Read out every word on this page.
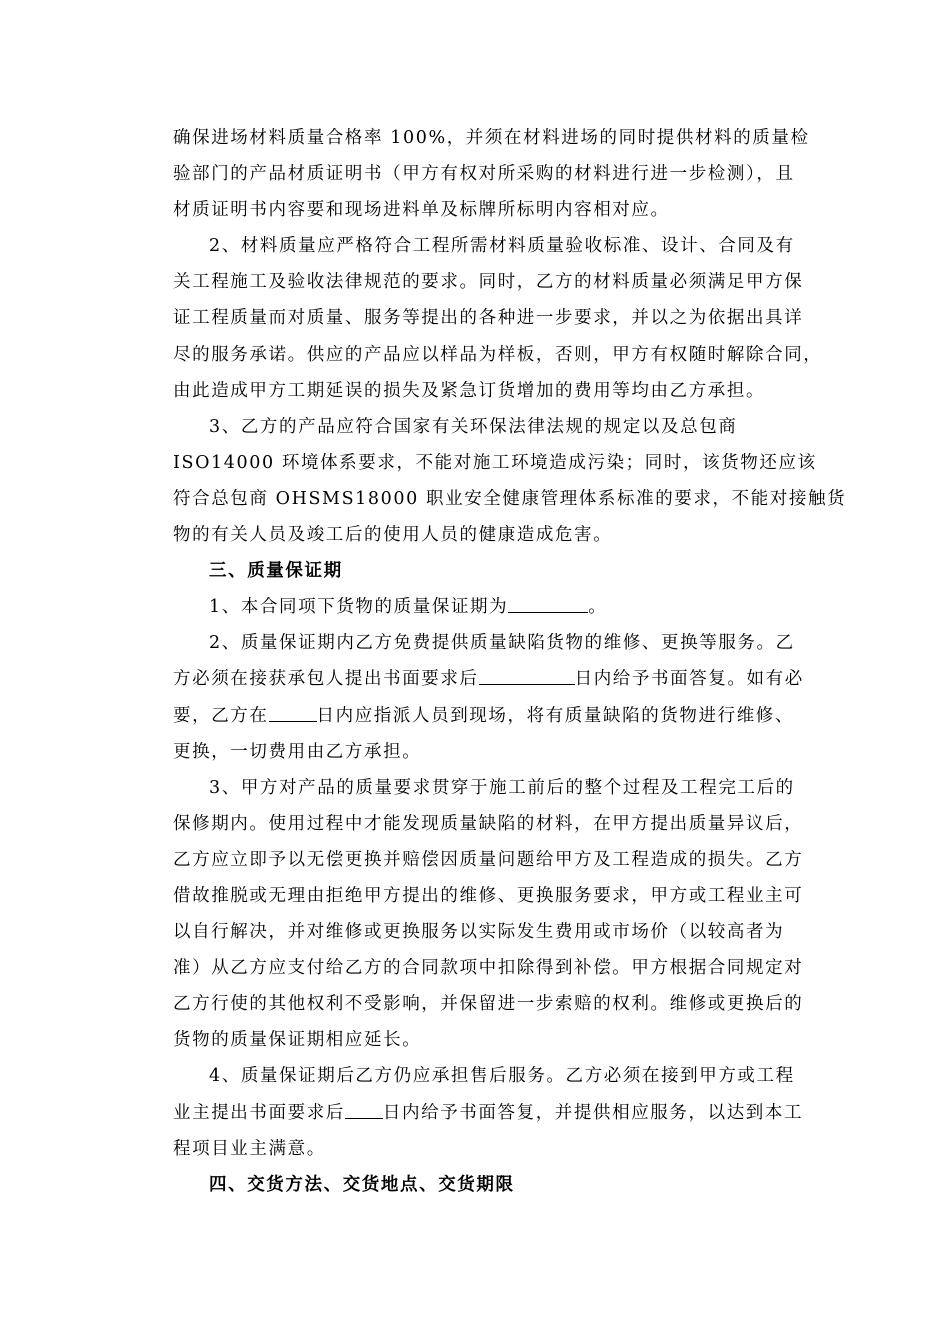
确保进场材料质量合格率 100%，并须在材料进场的同时提供材料的质量检
验部门的产品材质证明书（甲方有权对所采购的材料进行进一步检测），且
材质证明书内容要和现场进料单及标牌所标明内容相对应。
2、材料质量应严格符合工程所需材料质量验收标准、设计、合同及有
关工程施工及验收法律规范的要求。同时，乙方的材料质量必须满足甲方保
证工程质量而对质量、服务等提出的各种进一步要求，并以之为依据出具详
尽的服务承诺。供应的产品应以样品为样板，否则，甲方有权随时解除合同，
由此造成甲方工期延误的损失及紧急订货增加的费用等均由乙方承担。
3、乙方的产品应符合国家有关环保法律法规的规定以及总包商
ISO14000 环境体系要求，不能对施工环境造成污染；同时，该货物还应该
符合总包商 OHSMS18000 职业安全健康管理体系标准的要求，不能对接触货
物的有关人员及竣工后的使用人员的健康造成危害。
三、质量保证期
1、本合同项下货物的质量保证期为	。
2、质量保证期内乙方免费提供质量缺陷货物的维修、更换等服务。乙
方必须在接获承包人提出书面要求后	日内给予书面答复。如有必
要，乙方在	日内应指派人员到现场，将有质量缺陷的货物进行维修、
更换，一切费用由乙方承担。
3、甲方对产品的质量要求贯穿于施工前后的整个过程及工程完工后的
保修期内。使用过程中才能发现质量缺陷的材料，在甲方提出质量异议后，
乙方应立即予以无偿更换并赔偿因质量问题给甲方及工程造成的损失。乙方
借故推脱或无理由拒绝甲方提出的维修、更换服务要求，甲方或工程业主可
以自行解决，并对维修或更换服务以实际发生费用或市场价（以较高者为
准）从乙方应支付给乙方的合同款项中扣除得到补偿。甲方根据合同规定对
乙方行使的其他权利不受影响，并保留进一步索赔的权利。维修或更换后的
货物的质量保证期相应延长。
4、质量保证期后乙方仍应承担售后服务。乙方必须在接到甲方或工程
业主提出书面要求后 日内给予书面答复，并提供相应服务，以达到本工
程项目业主满意。
四、交货方法、交货地点、交货期限
